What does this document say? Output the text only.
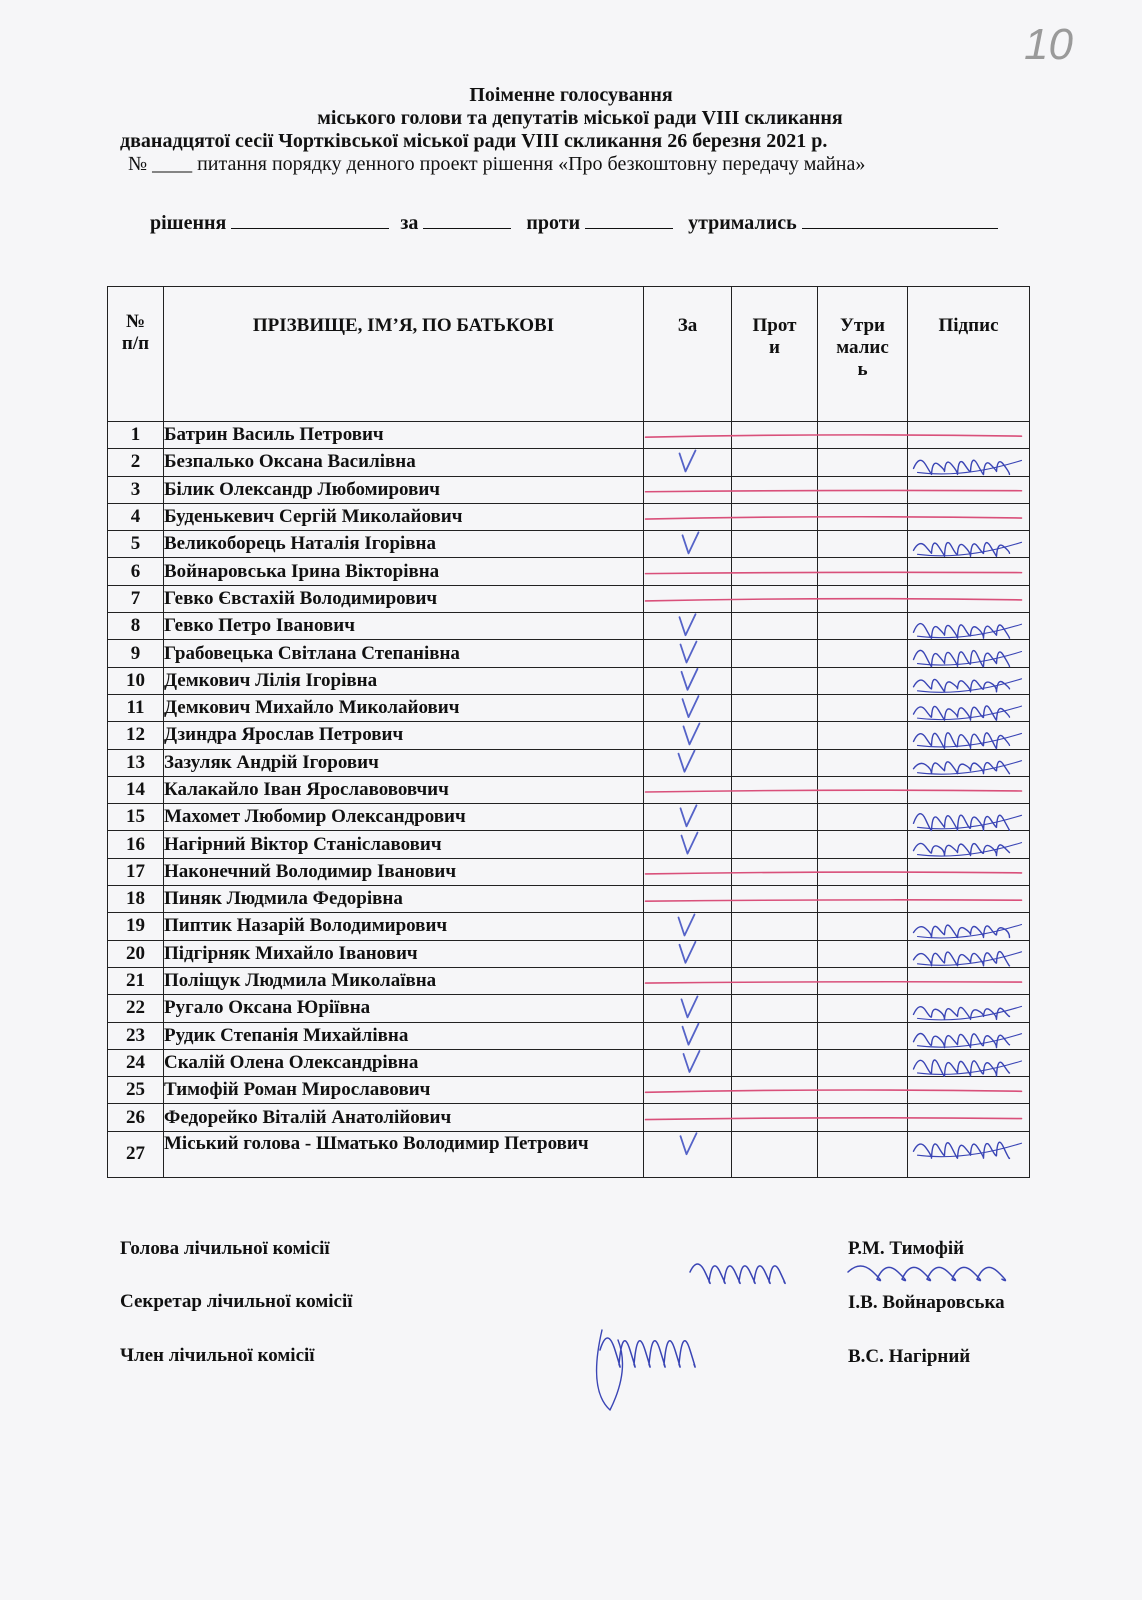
10
Поіменне голосування
міського голови та депутатів міської ради VIII скликання
дванадцятої сесії Чортківської міської ради VIII скликання 26 березня 2021 р.
№ ____ питання порядку денного проект рішення «Про безкоштовну передачу майна»
рішення	за	проти	утримались
№ п/п	ПРІЗВИЩЕ, ІМ’Я, ПО БАТЬКОВІ	За	Прот и	Утри малис ь	Підпис
1	Батрин Василь Петрович				
2	Безпалько Оксана Василівна				
3	Білик Олександр Любомирович				
4	Буденькевич Сергій Миколайович				
5	Великоборець Наталія Ігорівна				
6	Войнаровська Ірина Вікторівна				
7	Гевко Євстахій Володимирович				
8	Гевко Петро Іванович				
9	Грабовецька Світлана Степанівна				
10	Демкович Лілія Ігорівна				
11	Демкович Михайло Миколайович				
12	Дзиндра Ярослав Петрович				
13	Зазуляк Андрій Ігорович				
14	Калакайло Іван Ярославововчич				
15	Махомет Любомир Олександрович				
16	Нагірний Віктор Станіславович				
17	Наконечний Володимир Іванович				
18	Пиняк Людмила Федорівна				
19	Пиптик Назарій Володимирович				
20	Підгірняк Михайло Іванович				
21	Поліщук Людмила Миколаївна				
22	Ругало Оксана Юріївна				
23	Рудик Степанія Михайлівна				
24	Скалій Олена Олександрівна				
25	Тимофій Роман Мирославович				
26	Федорейко Віталій Анатолійович				
27	Міський голова - Шматько Володимир Петрович				
Голова лічильної комісії	Р.М. Тимофій
Секретар лічильної комісії	І.В. Войнаровська
Член лічильної комісії	В.С. Нагірний
